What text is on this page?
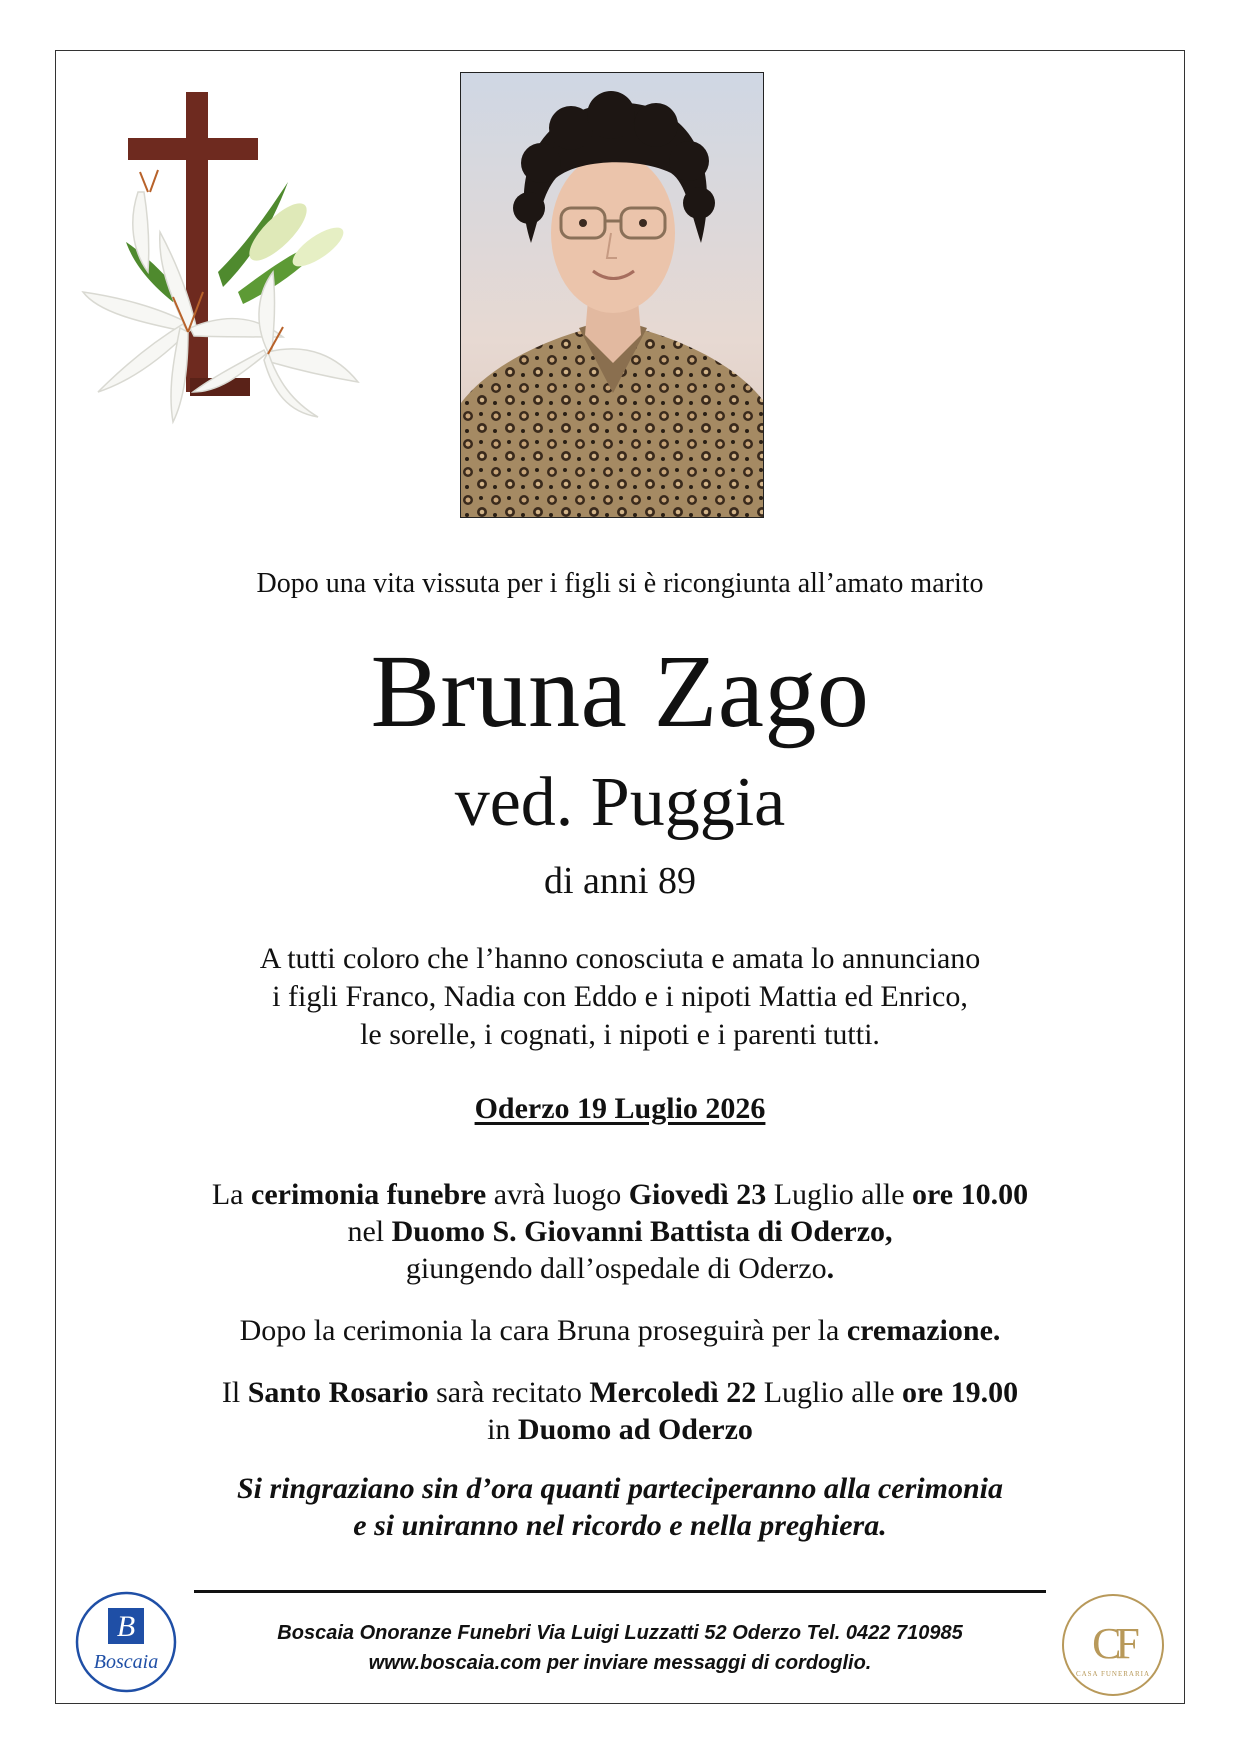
Dopo una vita vissuta per i figli si è ricongiunta all’amato marito
Bruna Zago
ved. Puggia
di anni 89
A tutti coloro che l’hanno conosciuta e amata lo annunciano
i figli Franco, Nadia con Eddo e i nipoti Mattia ed Enrico,
le sorelle, i cognati, i nipoti e i parenti tutti.
Oderzo 19 Luglio 2026
La cerimonia funebre avrà luogo Giovedì 23 Luglio alle ore 10.00
nel Duomo S. Giovanni Battista di Oderzo,
giungendo dall’ospedale di Oderzo.
Dopo la cerimonia la cara Bruna proseguirà per la cremazione.
Il Santo Rosario sarà recitato Mercoledì 22 Luglio alle ore 19.00
in Duomo ad Oderzo
Si ringraziano sin d’ora quanti parteciperanno alla cerimonia
e si uniranno nel ricordo e nella preghiera.
B
Boscaia	CF
CASA FUNERARIA
Boscaia Onoranze Funebri Via Luigi Luzzatti 52 Oderzo Tel. 0422 710985
www.boscaia.com per inviare messaggi di cordoglio.
